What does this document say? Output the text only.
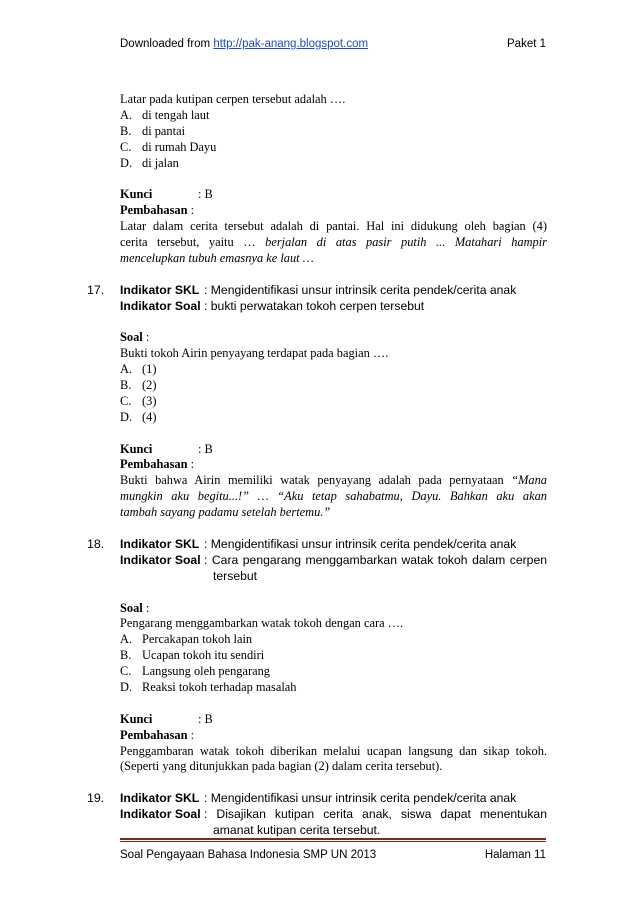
Downloaded from http://pak-anang.blogspot.com	Paket 1
Latar pada kutipan cerpen tersebut adalah ….
A. di tengah laut
B. di pantai
C. di rumah Dayu
D. di jalan
Kunci	: B
Pembahasan :
Latar dalam cerita tersebut adalah di pantai. Hal ini didukung oleh bagian (4)
cerita tersebut, yaitu … berjalan di atas pasir putih ... Matahari hampir
mencelupkan tubuh emasnya ke laut …
17. Indikator SKL : Mengidentifikasi unsur intrinsik cerita pendek/cerita anak
Indikator Soal : bukti perwatakan tokoh cerpen tersebut
Soal :
Bukti tokoh Airin penyayang terdapat pada bagian ….
A. (1)
B. (2)
C. (3)
D. (4)
Kunci	: B
Pembahasan :
Bukti bahwa Airin memiliki watak penyayang adalah pada pernyataan “Mana
mungkin aku begitu...!” … “Aku tetap sahabatmu, Dayu. Bahkan aku akan
tambah sayang padamu setelah bertemu.”
18. Indikator SKL : Mengidentifikasi unsur intrinsik cerita pendek/cerita anak
Indikator Soal : Cara pengarang menggambarkan watak tokoh dalam cerpen tersebut
Soal :
Pengarang menggambarkan watak tokoh dengan cara ….
A. Percakapan tokoh lain
B. Ucapan tokoh itu sendiri
C. Langsung oleh pengarang
D. Reaksi tokoh terhadap masalah
Kunci	: B
Pembahasan :
Penggambaran watak tokoh diberikan melalui ucapan langsung dan sikap tokoh.
(Seperti yang ditunjukkan pada bagian (2) dalam cerita tersebut).
19. Indikator SKL : Mengidentifikasi unsur intrinsik cerita pendek/cerita anak
Indikator Soal : Disajikan kutipan cerita anak, siswa dapat menentukan amanat kutipan cerita tersebut.
Soal Pengayaan Bahasa Indonesia SMP UN 2013	Halaman 11
